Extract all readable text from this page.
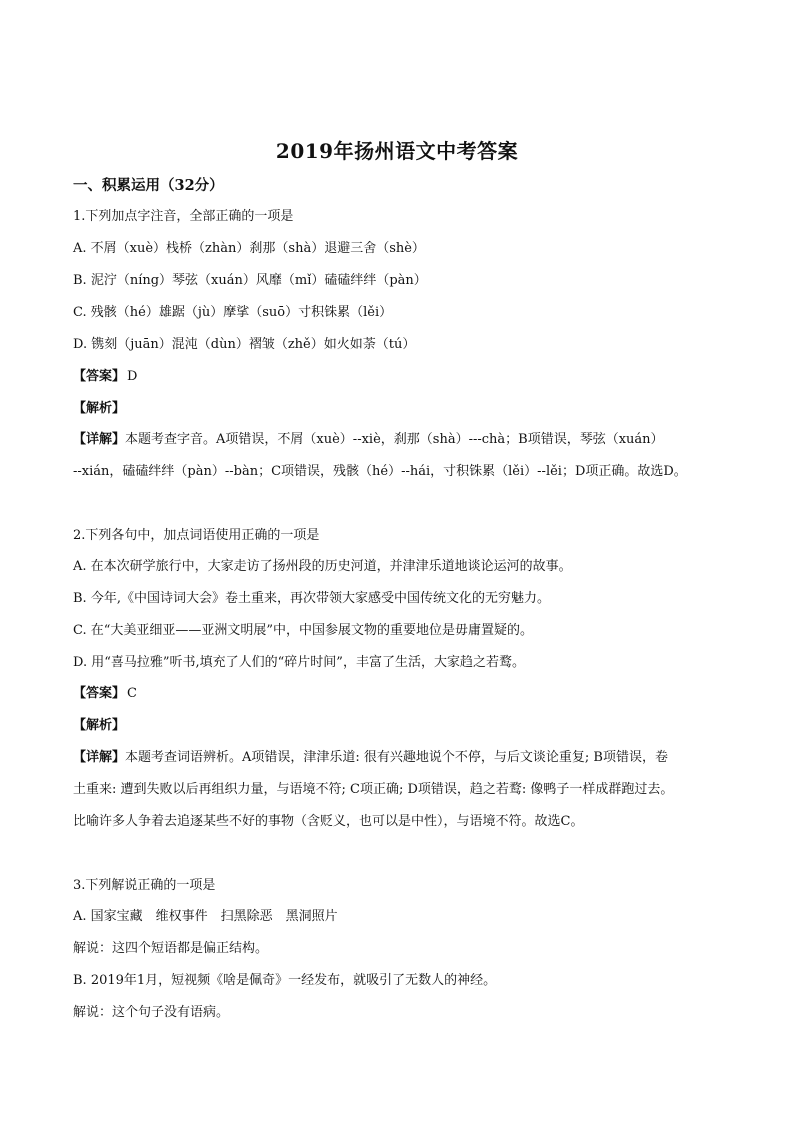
2019年扬州语文中考答案
一、积累运用（32分）
1.下列加点字注音，全部正确的一项是
A. 不屑（xuè）栈桥（zhàn）刹那（shà）退避三舍（shè）
B. 泥泞（níng）琴弦（xuán）风靡（mǐ）磕磕绊绊（pàn）
C. 残骸（hé）雄踞（jù）摩挲（suō）寸积铢累（lěi）
D. 镌刻（juān）混沌（dùn）褶皱（zhě）如火如荼（tú）
【答案】 D
【解析】
【详解】本题考查字音。A项错误，不屑（xuè）--xiè，刹那（shà）---chà；B项错误，琴弦（xuán）
--xián，磕磕绊绊（pàn）--bàn；C项错误，残骸（hé）--hái，寸积铢累（lěi）--lěi；D项正确。故选D。
2.下列各句中，加点词语使用正确的一项是
A. 在本次研学旅行中，大家走访了扬州段的历史河道，并津津乐道地谈论运河的故事。
B. 今年,《中国诗词大会》卷土重来，再次带领大家感受中国传统文化的无穷魅力。
C. 在“大美亚细亚——亚洲文明展”中，中国参展文物的重要地位是毋庸置疑的。
D. 用“喜马拉雅”听书,填充了人们的“碎片时间”，丰富了生活，大家趋之若鹜。
【答案】 C
【解析】
【详解】本题考查词语辨析。A项错误，津津乐道: 很有兴趣地说个不停，与后文谈论重复; B项错误，卷
土重来: 遭到失败以后再组织力量，与语境不符; C项正确; D项错误，趋之若鹜: 像鸭子一样成群跑过去。
比喻许多人争着去追逐某些不好的事物（含贬义，也可以是中性），与语境不符。故选C。
3.下列解说正确的一项是
A. 国家宝藏　维权事件　扫黑除恶　黑洞照片
解说：这四个短语都是偏正结构。
B. 2019年1月，短视频《啥是佩奇》一经发布，就吸引了无数人的神经。
解说：这个句子没有语病。
